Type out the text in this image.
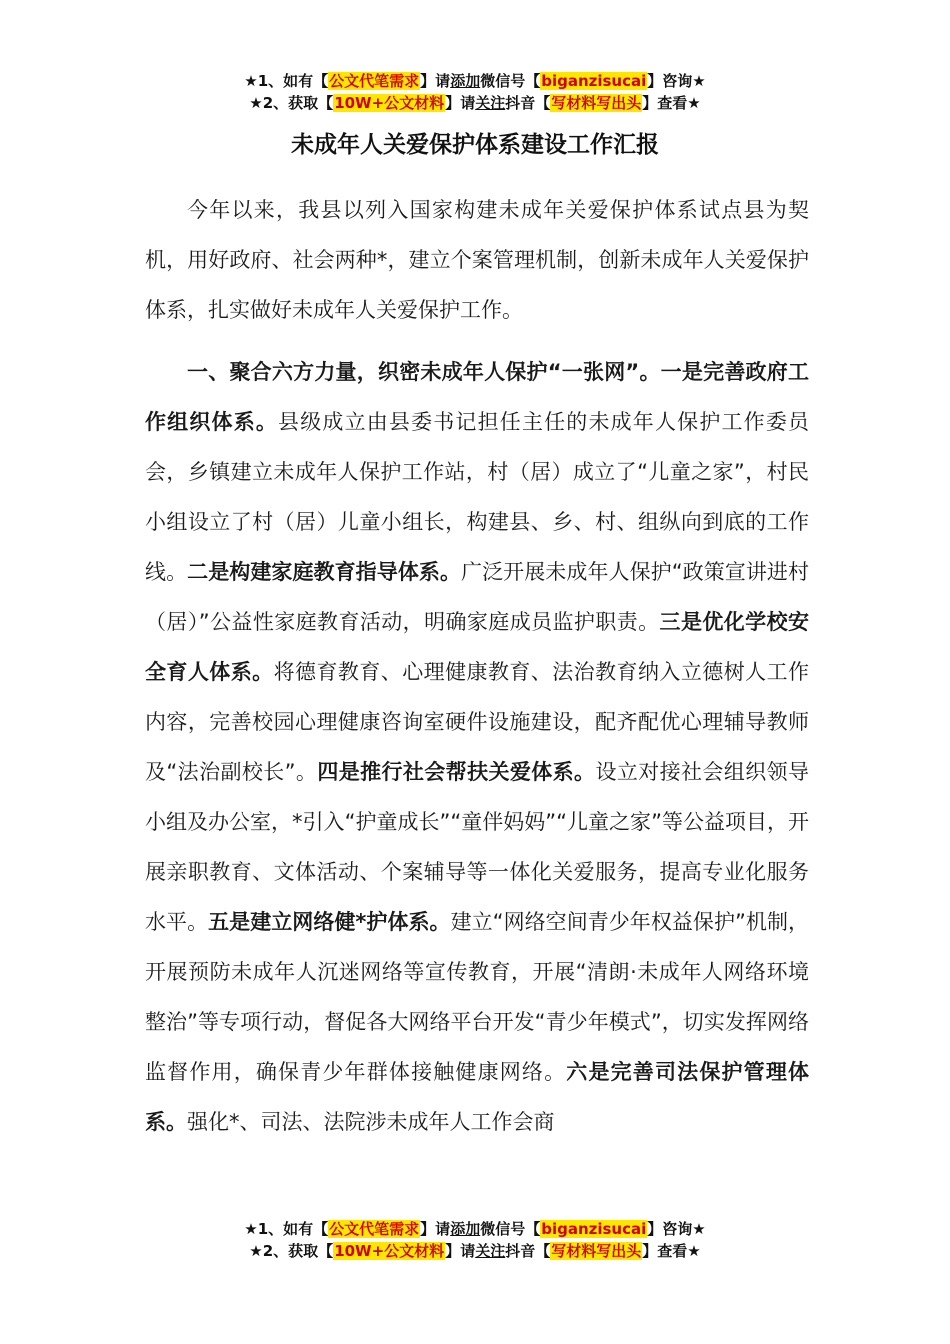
★1、如有【公文代笔需求】请添加微信号【biganzisucai】咨询★
★2、获取【10W+公文材料】请关注抖音【写材料写出头】查看★
未成年人关爱保护体系建设工作汇报

今年以来，我县以列入国家构建未成年关爱保护体系试点县为契机，用好政府、社会两种*，建立个案管理机制，创新未成年人关爱保护体系，扎实做好未成年人关爱保护工作。

一、聚合六方力量，织密未成年人保护“一张网”。一是完善政府工作组织体系。县级成立由县委书记担任主任的未成年人保护工作委员会，乡镇建立未成年人保护工作站，村（居）成立了“儿童之家”，村民小组设立了村（居）儿童小组长，构建县、乡、村、组纵向到底的工作线。二是构建家庭教育指导体系。广泛开展未成年人保护“政策宣讲进村（居）”公益性家庭教育活动，明确家庭成员监护职责。三是优化学校安全育人体系。将德育教育、心理健康教育、法治教育纳入立德树人工作内容，完善校园心理健康咨询室硬件设施建设，配齐配优心理辅导教师及“法治副校长”。四是推行社会帮扶关爱体系。设立对接社会组织领导小组及办公室，*引入“护童成长”“童伴妈妈”“儿童之家”等公益项目，开展亲职教育、文体活动、个案辅导等一体化关爱服务，提高专业化服务水平。五是建立网络健*护体系。建立“网络空间青少年权益保护”机制，开展预防未成年人沉迷网络等宣传教育，开展“清朗·未成年人网络环境整治”等专项行动，督促各大网络平台开发“青少年模式”，切实发挥网络监督作用，确保青少年群体接触健康网络。六是完善司法保护管理体系。强化*、司法、法院涉未成年人工作会商

★1、如有【公文代笔需求】请添加微信号【biganzisucai】咨询★
★2、获取【10W+公文材料】请关注抖音【写材料写出头】查看★
